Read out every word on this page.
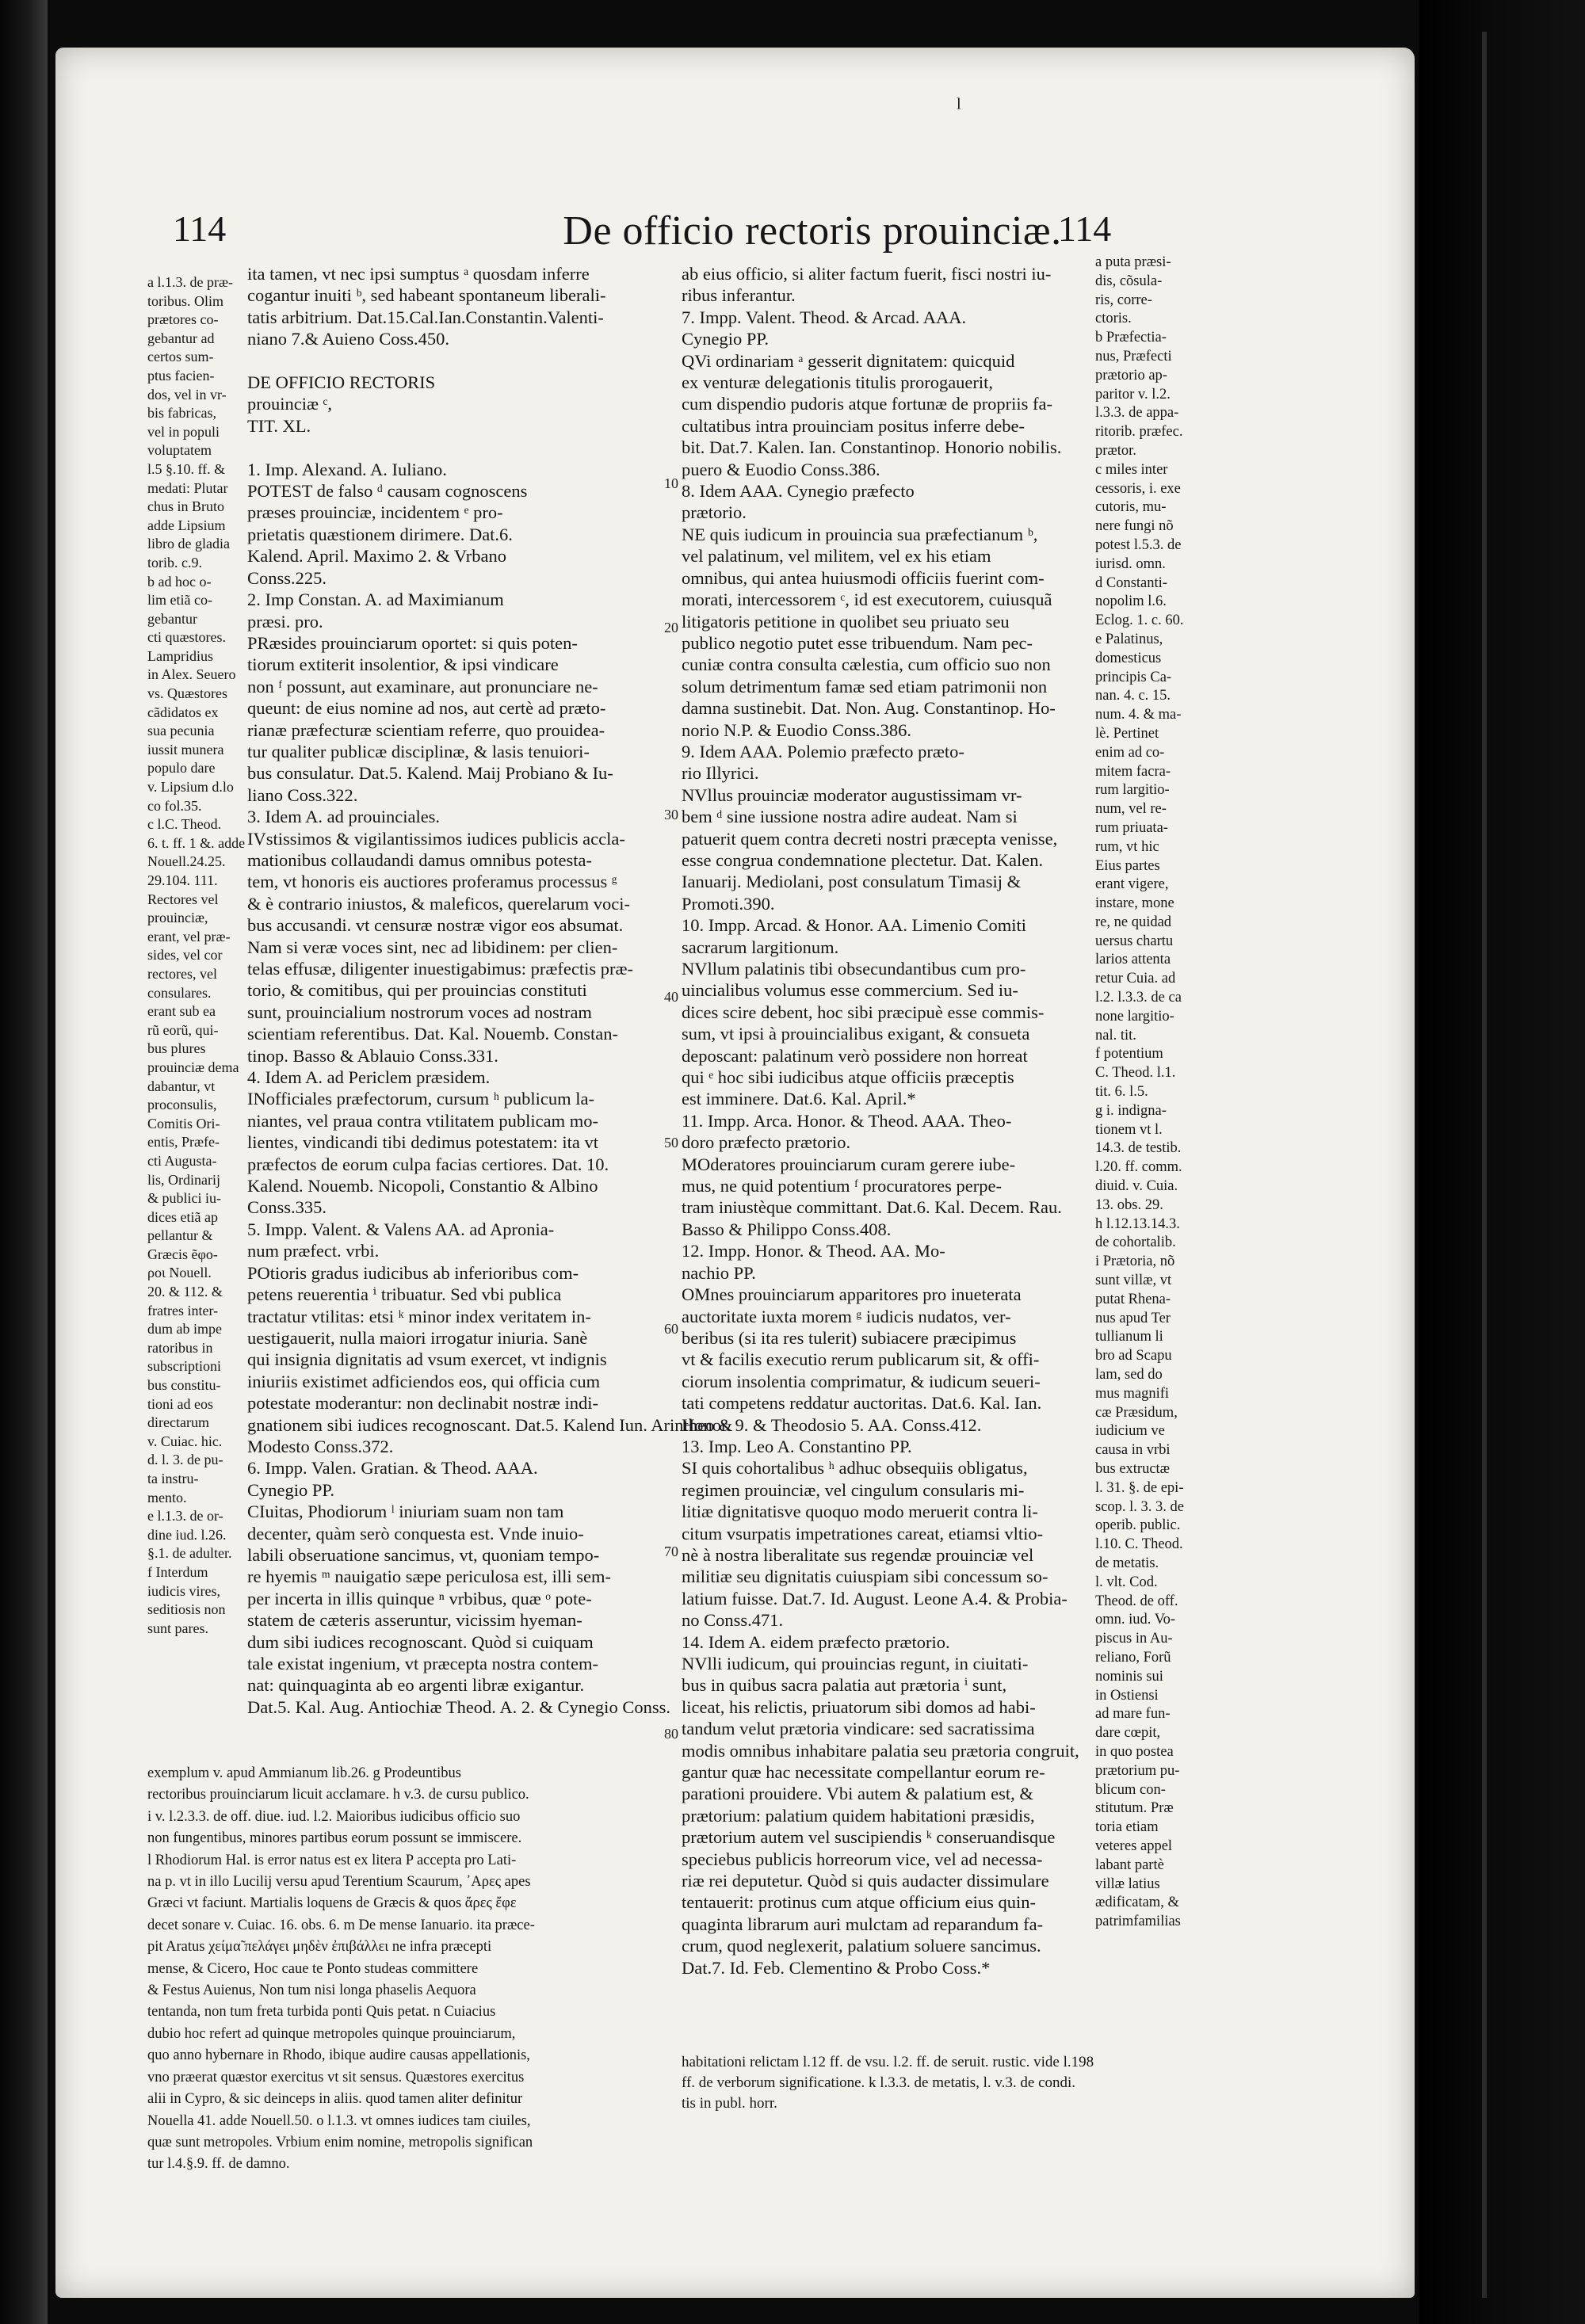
ˡ
114	De officio rectoris prouinciæ.
114
a l.1.3. de præ-
toribus. Olim
prætores co-
gebantur ad
certos sum-
ptus facien-
dos, vel in vr-
bis fabricas,
vel in populi
voluptatem
l.5 §.10. ff. &
medati: Plutar
chus in Bruto
adde Lipsium
libro de gladia
torib. c.9.
b ad hoc o-
lim etiã co-
gebantur
cti quæstores.
Lampridius
in Alex. Seuero
vs. Quæstores
cãdidatos ex
sua pecunia
iussit munera
populo dare
v. Lipsium d.lo
co fol.35.
c l.C. Theod.
6. t. ff. 1 &. adde
Nouell.24.25.
29.104. 111.
Rectores vel
prouinciæ,
erant, vel præ-
sides, vel cor
rectores, vel
consulares.
erant sub ea
rũ eorũ, qui-
bus plures
prouinciæ dema
dabantur, vt
proconsulis,
Comitis Ori-
entis, Præfe-
cti Augusta-
lis, Ordinarij
& publici iu-
dices etiã ap
pellantur &
Græcis ẽφο-
ροι Nouell.
20. & 112. &
fratres inter-
dum ab impe
ratoribus in
subscriptioni
bus constitu-
tioni ad eos
directarum
v. Cuiac. hic.
d. l. 3. de pu-
ta instru-
mento.
e l.1.3. de or-
dine iud. l.26.
§.1. de adulter.
f Interdum
iudicis vires,
seditiosis non
sunt pares.
ita tamen, vt nec ipsi sumptus ᵃ quosdam inferre
cogantur inuiti ᵇ, sed habeant spontaneum liberali-
tatis arbitrium. Dat.15.Cal.Ian.Constantin.Valenti-
niano 7.& Auieno Coss.450.

DE OFFICIO RECTORIS
prouinciæ ᶜ,
TIT. XL.

1. Imp. Alexand. A. Iuliano.
POTEST de falso ᵈ causam cognoscens
præses prouinciæ, incidentem ᵉ pro-
prietatis quæstionem dirimere. Dat.6.
Kalend. April. Maximo 2. & Vrbano
Conss.225.
2. Imp Constan. A. ad Maximianum
præsi. pro.
PRæsides prouinciarum oportet: si quis poten-
tiorum extiterit insolentior, & ipsi vindicare
non ᶠ possunt, aut examinare, aut pronunciare ne-
queunt: de eius nomine ad nos, aut certè ad præto-
rianæ præfecturæ scientiam referre, quo prouidea-
tur qualiter publicæ disciplinæ, & lasis tenuiori-
bus consulatur. Dat.5. Kalend. Maij Probiano & Iu-
liano Coss.322.
3. Idem A. ad prouinciales.
IVstissimos & vigilantissimos iudices publicis accla-
mationibus collaudandi damus omnibus potesta-
tem, vt honoris eis auctiores proferamus processus ᵍ
& è contrario iniustos, & maleficos, querelarum voci-
bus accusandi. vt censuræ nostræ vigor eos absumat.
Nam si veræ voces sint, nec ad libidinem: per clien-
telas effusæ, diligenter inuestigabimus: præfectis præ-
torio, & comitibus, qui per prouincias constituti
sunt, prouincialium nostrorum voces ad nostram
scientiam referentibus. Dat. Kal. Nouemb. Constan-
tinop. Basso & Ablauio Conss.331.
4. Idem A. ad Periclem præsidem.
INofficiales præfectorum, cursum ʰ publicum la-
niantes, vel praua contra vtilitatem publicam mo-
lientes, vindicandi tibi dedimus potestatem: ita vt
præfectos de eorum culpa facias certiores. Dat. 10.
Kalend. Nouemb. Nicopoli, Constantio & Albino
Conss.335.
5. Impp. Valent. & Valens AA. ad Apronia-
num præfect. vrbi.
POtioris gradus iudicibus ab inferioribus com-
petens reuerentia ⁱ tribuatur. Sed vbi publica
tractatur vtilitas: etsi ᵏ minor index veritatem in-
uestigauerit, nulla maiori irrogatur iniuria. Sanè
qui insignia dignitatis ad vsum exercet, vt indignis
iniuriis existimet adficiendos eos, qui officia cum
potestate moderantur: non declinabit nostræ indi-
gnationem sibi iudices recognoscant. Dat.5. Kalend Iun. Arintheo &
Modesto Conss.372.
6. Impp. Valen. Gratian. & Theod. AAA.
Cynegio PP.
CIuitas, Phodiorum ˡ iniuriam suam non tam
decenter, quàm serò conquesta est. Vnde inuio-
labili obseruatione sancimus, vt, quoniam tempo-
re hyemis ᵐ nauigatio sæpe periculosa est, illi sem-
per incerta in illis quinque ⁿ vrbibus, quæ ᵒ pote-
statem de cæteris asseruntur, vicissim hyeman-
dum sibi iudices recognoscant. Quòd si cuiquam
tale existat ingenium, vt præcepta nostra contem-
nat: quinquaginta ab eo argenti libræ exigantur.
Dat.5. Kal. Aug. Antiochiæ Theod. A. 2. & Cynegio Conss.
ab eius officio, si aliter factum fuerit, fisci nostri iu-
ribus inferantur.
7. Impp. Valent. Theod. & Arcad. AAA.
Cynegio PP.
QVi ordinariam ᵃ gesserit dignitatem: quicquid
ex venturæ delegationis titulis prorogauerit,
cum dispendio pudoris atque fortunæ de propriis fa-
cultatibus intra prouinciam positus inferre debe-
bit. Dat.7. Kalen. Ian. Constantinop. Honorio nobilis.
puero & Euodio Conss.386.
8. Idem AAA. Cynegio præfecto
prætorio.
NE quis iudicum in prouincia sua præfectianum ᵇ,
vel palatinum, vel militem, vel ex his etiam
omnibus, qui antea huiusmodi officiis fuerint com-
morati, intercessorem ᶜ, id est executorem, cuiusquã
litigatoris petitione in quolibet seu priuato seu
publico negotio putet esse tribuendum. Nam pec-
cuniæ contra consulta cælestia, cum officio suo non
solum detrimentum famæ sed etiam patrimonii non
damna sustinebit. Dat. Non. Aug. Constantinop. Ho-
norio N.P. & Euodio Conss.386.
9. Idem AAA. Polemio præfecto præto-
rio Illyrici.
NVllus prouinciæ moderator augustissimam vr-
bem ᵈ sine iussione nostra adire audeat. Nam si
patuerit quem contra decreti nostri præcepta venisse,
esse congrua condemnatione plectetur. Dat. Kalen.
Ianuarij. Mediolani, post consulatum Timasij &
Promoti.390.
10. Impp. Arcad. & Honor. AA. Limenio Comiti
sacrarum largitionum.
NVllum palatinis tibi obsecundantibus cum pro-
uincialibus volumus esse commercium. Sed iu-
dices scire debent, hoc sibi præcipuè esse commis-
sum, vt ipsi à prouincialibus exigant, & consueta
deposcant: palatinum verò possidere non horreat
qui ᵉ hoc sibi iudicibus atque officiis præceptis
est imminere. Dat.6. Kal. April.*
11. Impp. Arca. Honor. & Theod. AAA. Theo-
doro præfecto prætorio.
MOderatores prouinciarum curam gerere iube-
mus, ne quid potentium ᶠ procuratores perpe-
tram iniustèque committant. Dat.6. Kal. Decem. Rau.
Basso & Philippo Conss.408.
12. Impp. Honor. & Theod. AA. Mo-
nachio PP.
OMnes prouinciarum apparitores pro inueterata
auctoritate iuxta morem ᵍ iudicis nudatos, ver-
beribus (si ita res tulerit) subiacere præcipimus
vt & facilis executio rerum publicarum sit, & offi-
ciorum insolentia comprimatur, & iudicum seueri-
tati competens reddatur auctoritas. Dat.6. Kal. Ian.
Honor. 9. & Theodosio 5. AA. Conss.412.
13. Imp. Leo A. Constantino PP.
SI quis cohortalibus ʰ adhuc obsequiis obligatus,
regimen prouinciæ, vel cingulum consularis mi-
litiæ dignitatisve quoquo modo meruerit contra li-
citum vsurpatis impetrationes careat, etiamsi vltio-
nè à nostra liberalitate sus regendæ prouinciæ vel
militiæ seu dignitatis cuiuspiam sibi concessum so-
latium fuisse. Dat.7. Id. August. Leone A.4. & Probia-
no Conss.471.
14. Idem A. eidem præfecto prætorio.
NVlli iudicum, qui prouincias regunt, in ciuitati-
bus in quibus sacra palatia aut prætoria ⁱ sunt,
liceat, his relictis, priuatorum sibi domos ad habi-
tandum velut prætoria vindicare: sed sacratissima
modis omnibus inhabitare palatia seu prætoria congruit,
gantur quæ hac necessitate compellantur eorum re-
parationi prouidere. Vbi autem & palatium est, &
prætorium: palatium quidem habitationi præsidis,
prætorium autem vel suscipiendis ᵏ conseruandisque
speciebus publicis horreorum vice, vel ad necessa-
riæ rei deputetur. Quòd si quis audacter dissimulare
tentauerit: protinus cum atque officium eius quin-
quaginta librarum auri mulctam ad reparandum fa-
crum, quod neglexerit, palatium soluere sancimus.
Dat.7. Id. Feb. Clementino & Probo Coss.*
a puta præsi-
dis, cõsula-
ris, corre-
ctoris.
b Præfectia-
nus, Præfecti
prætorio ap-
paritor v. l.2.
l.3.3. de appa-
ritorib. præfec.
prætor.
c miles inter
cessoris, i. exe
cutoris, mu-
nere fungi nõ
potest l.5.3. de
iurisd. omn.
d Constanti-
nopolim l.6.
Eclog. 1. c. 60.
e Palatinus,
domesticus
principis Ca-
nan. 4. c. 15.
num. 4. & ma-
lè. Pertinet
enim ad co-
mitem facra-
rum largitio-
num, vel re-
rum priuata-
rum, vt hic
Eius partes
erant vigere,
instare, mone
re, ne quidad
uersus chartu
larios attenta
retur Cuia. ad
l.2. l.3.3. de ca
none largitio-
nal. tit.
f potentium
C. Theod. l.1.
tit. 6. l.5.
g i. indigna-
tionem vt l.
14.3. de testib.
l.20. ff. comm.
diuid. v. Cuia.
13. obs. 29.
h l.12.13.14.3.
de cohortalib.
i Prætoria, nõ
sunt villæ, vt
putat Rhena-
nus apud Ter
tullianum li
bro ad Scapu
lam, sed do
mus magnifi
cæ Præsidum,
iudicium ve
causa in vrbi
bus extructæ
l. 31. §. de epi-
scop. l. 3. 3. de
operib. public.
l.10. C. Theod.
de metatis.
l. vlt. Cod.
Theod. de off.
omn. iud. Vo-
piscus in Au-
reliano, Forũ
nominis sui
in Ostiensi
ad mare fun-
dare cœpit,
in quo postea
prætorium pu-
blicum con-
stitutum. Præ
toria etiam
veteres appel
labant partè
villæ latius
ædificatam, &
patrimfamilias
exemplum v. apud Ammianum lib.26. g Prodeuntibus
rectoribus prouinciarum licuit acclamare. h v.3. de cursu publico.
i v. l.2.3.3. de off. diue. iud. l.2. Maioribus iudicibus officio suo
non fungentibus, minores partibus eorum possunt se immiscere.
l Rhodiorum Hal. is error natus est ex litera P accepta pro Lati-
na p. vt in illo Lucilij versu apud Terentium Scaurum, ᾽Αρες apes
Græci vt faciunt. Martialis loquens de Græcis & quos ἄρες ἔφε
decet sonare v. Cuiac. 16. obs. 6. m De mense Ianuario. ita præce-
pit Aratus χείμα̃ πελάγει μηδὲν ἐπιβάλλει ne infra præcepti
mense, & Cicero, Hoc caue te Ponto studeas committere
& Festus Auienus, Non tum nisi longa phaselis Aequora
tentanda, non tum freta turbida ponti Quis petat. n Cuiacius
dubio hoc refert ad quinque metropoles quinque prouinciarum,
quo anno hybernare in Rhodo, ibique audire causas appellationis,
vno præerat quæstor exercitus vt sit sensus. Quæstores exercitus
alii in Cypro, & sic deinceps in aliis. quod tamen aliter definitur
Nouella 41. adde Nouell.50. o l.1.3. vt omnes iudices tam ciuiles,
quæ sunt metropoles. Vrbium enim nomine, metropolis significan
tur l.4.§.9. ff. de damno.
habitationi relictam l.12 ff. de vsu. l.2. ff. de seruit. rustic. vide l.198
ff. de verborum significatione. k l.3.3. de metatis, l. v.3. de condi.
tis in publ. horr.
10
20
30
40
50
60
70
80
